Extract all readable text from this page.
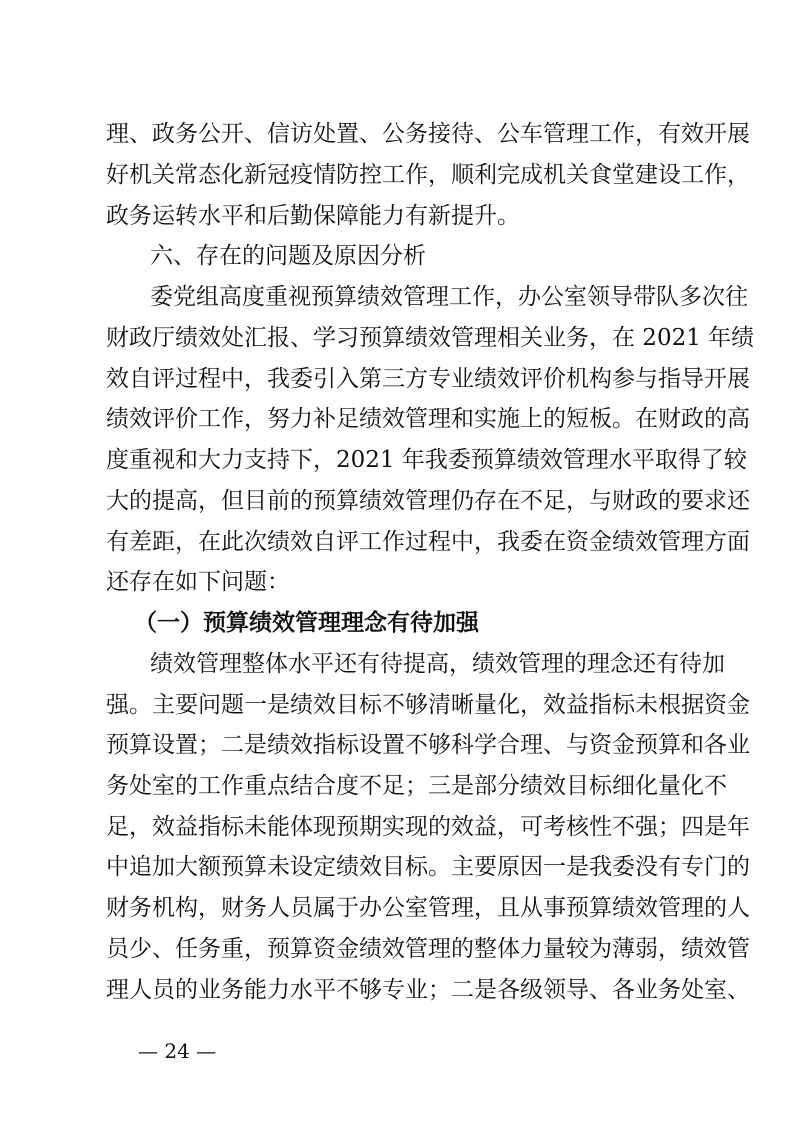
理、政务公开、信访处置、公务接待、公车管理工作，有效开展
好机关常态化新冠疫情防控工作，顺利完成机关食堂建设工作，
政务运转水平和后勤保障能力有新提升。
六、存在的问题及原因分析
委党组高度重视预算绩效管理工作，办公室领导带队多次往
财政厅绩效处汇报、学习预算绩效管理相关业务，在 2021 年绩
效自评过程中，我委引入第三方专业绩效评价机构参与指导开展
绩效评价工作，努力补足绩效管理和实施上的短板。在财政的高
度重视和大力支持下，2021 年我委预算绩效管理水平取得了较
大的提高，但目前的预算绩效管理仍存在不足，与财政的要求还
有差距，在此次绩效自评工作过程中，我委在资金绩效管理方面
还存在如下问题：
（一）预算绩效管理理念有待加强
绩效管理整体水平还有待提高，绩效管理的理念还有待加
强。主要问题一是绩效目标不够清晰量化，效益指标未根据资金
预算设置；二是绩效指标设置不够科学合理、与资金预算和各业
务处室的工作重点结合度不足；三是部分绩效目标细化量化不
足，效益指标未能体现预期实现的效益，可考核性不强；四是年
中追加大额预算未设定绩效目标。主要原因一是我委没有专门的
财务机构，财务人员属于办公室管理，且从事预算绩效管理的人
员少、任务重，预算资金绩效管理的整体力量较为薄弱，绩效管
理人员的业务能力水平不够专业；二是各级领导、各业务处室、
— 24 —
